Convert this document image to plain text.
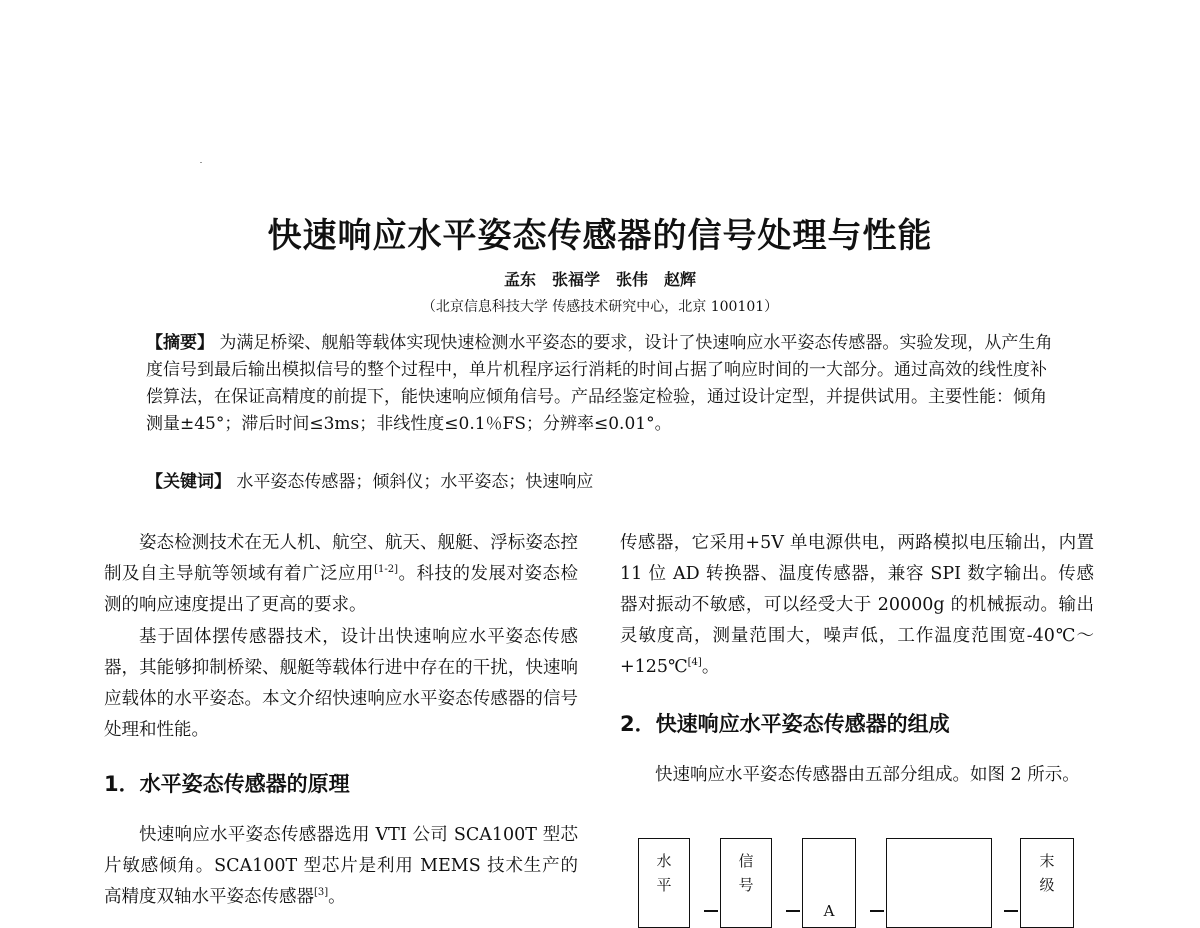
快速响应水平姿态传感器的信号处理与性能
孟东　张福学　张伟　赵辉
（北京信息科技大学 传感技术研究中心，北京 100101）
【摘要】 为满足桥梁、舰船等载体实现快速检测水平姿态的要求，设计了快速响应水平姿态传感器。实验发现，从产生角度信号到最后输出模拟信号的整个过程中，单片机程序运行消耗的时间占据了响应时间的一大部分。通过高效的线性度补偿算法，在保证高精度的前提下，能快速响应倾角信号。产品经鉴定检验，通过设计定型，并提供试用。主要性能：倾角测量±45°；滞后时间≤3ms；非线性度≤0.1％FS；分辨率≤0.01°。
【关键词】 水平姿态传感器；倾斜仪；水平姿态；快速响应

姿态检测技术在无人机、航空、航天、舰艇、浮标姿态控制及自主导航等领域有着广泛应用[1-2]。科技的发展对姿态检测的响应速度提出了更高的要求。

基于固体摆传感器技术，设计出快速响应水平姿态传感器，其能够抑制桥梁、舰艇等载体行进中存在的干扰，快速响应载体的水平姿态。本文介绍快速响应水平姿态传感器的信号处理和性能。

1．水平姿态传感器的原理

快速响应水平姿态传感器选用 VTI 公司 SCA100T 型芯片敏感倾角。SCA100T 型芯片是利用 MEMS 技术生产的高精度双轴水平姿态传感器[3]。

传感器，它采用+5V 单电源供电，两路模拟电压输出，内置 11 位 AD 转换器、温度传感器，兼容 SPI 数字输出。传感器对振动不敏感，可以经受大于 20000g 的机械振动。输出灵敏度高，测量范围大，噪声低，工作温度范围宽-40℃～+125℃[4]。

2．快速响应水平姿态传感器的组成

快速响应水平姿态传感器由五部分组成。如图 2 所示。

水
平
信
号
A
末
级
